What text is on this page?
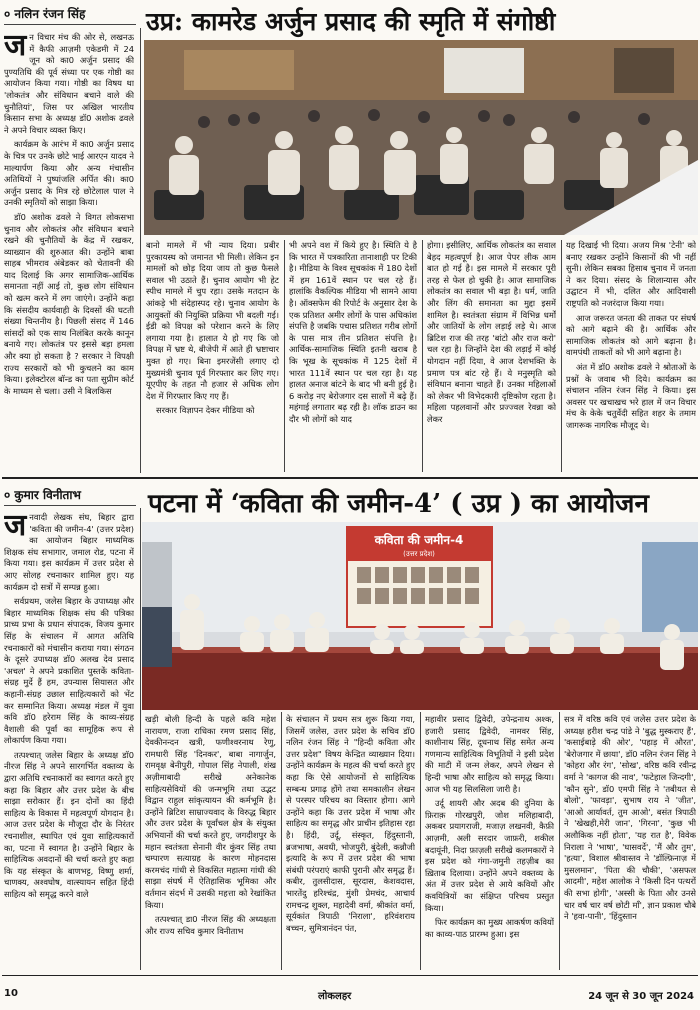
० नलिन रंजन सिंह	उप्र: कामरेड अर्जुन प्रसाद की स्मृति में संगोष्ठी
ज न विचार मंच की ओर से, लखनऊ में कैफी आज़मी एकेडमी में 24 जून को का0 अर्जुन प्रसाद की पुण्यतिथि की पूर्व संध्या पर एक गोष्ठी का आयोजन किया गया। गोष्ठी का विषय था 'लोकतंत्र और संविधान बचाने वाले की चुनौतियां', जिस पर अखिल भारतीय किसान सभा के अध्यक्ष डॉ0 अशोक ढवले ने अपने विचार व्यक्त किए।

कार्यक्रम के आरंभ में का0 अर्जुन प्रसाद के चित्र पर उनके छोटे भाई आरएन यादव ने माल्यार्पण किया और अन्य मंचासीन अतिथियों ने पुष्पांजलि अर्पित की। का0 अर्जुन प्रसाद के मित्र रहे छोटेलाल पाल ने उनकी स्मृतियों को साझा किया।

डॉ0 अशोक ढवले ने विगत लोकसभा चुनाव और लोकतंत्र और संविधान बचाने रखने की चुनौतियों के केंद्र में रखकर, व्याख्यान की शुरुआत की। उन्होंने बाबा साहब भीमराव अंबेडकर को चेतावनी की याद दिलाई कि अगर सामाजिक-आर्थिक समानता नहीं आई तो, कुछ लोग संविधान को खत्म करने में लग जाएंगे। उन्होंने कहा कि संसदीय कार्यवाही के दिवसों की घटती संख्या चिन्तनीय है। पिछली संसद में 146 सांसदों को एक साथ निलंबित करके कानून बनाये गए। लोकतंत्र पर इससे बड़ा हमला और क्या हो सकता है ? सरकार ने विपक्षी राज्य सरकारों को भी कुचलने का काम किया। इलेक्टोरल बॉन्ड का पता सुप्रीम कोर्ट के माध्यम से चला। उसी ने बिलकिस

बानो मामले में भी न्याय दिया। प्रबीर पुरकायस्थ को जमानत भी मिली। लेकिन इन मामलों को छोड़ दिया जाय तो कुछ फैसले सवाल भी उठाते हैं। चुनाव आयोग भी हेट स्पीच मामले में चुप रहा। उसके मतदान के आंकड़े भी संदेहास्पद रहे। चुनाव आयोग के आयुक्तों की नियुक्ति प्रक्रिया भी बदली गई। ईडी को विपक्ष को परेशान करने के लिए लगाया गया है। हालात ये हो गए कि जो विपक्ष में भ्रष्ट थे, बीजेपी में आते ही भ्रष्टाचार मुक्त हो गए। बिना इमरजेंसी लगाए दो मुख्यमंत्री चुनाव पूर्व गिरफ्तार कर लिए गए। यूएपीए के तहत नौ हजार से अधिक लोग देश में गिरफ्तार किए गए हैं।

सरकार विज्ञापन देकर मीडिया को

भी अपने वश में किये हुए है। स्थिति ये है कि भारत में पत्रकारिता तानाशाही पर टिकी है। मीडिया के विश्व सूचकांक में 180 देशों में हम 161वें स्थान पर चल रहे हैं। हालांकि वैकल्पिक मीडिया भी सामने आया है। ऑक्सफेम की रिपोर्ट के अनुसार देश के एक प्रतिशत अमीर लोगों के पास अधिकांश संपत्ति है जबकि पचास प्रतिशत गरीब लोगों के पास मात्र तीन प्रतिशत संपत्ति है। आर्थिक-सामाजिक स्थिति इतनी खराब है कि भूख के सूचकांक में 125 देशों में भारत 111वें स्थान पर चल रहा है। यह हालत अनाज बांटने के बाद भी बनी हुई है। 6 करोड़ नए बेरोजगार दस सालों में बढ़े हैं। महंगाई लगातार बढ़ रही है। लॉक डाउन का दौर भी लोगों को याद

होगा। इसीलिए, आर्थिक लोकतंत्र का सवाल बेहद महत्वपूर्ण है। आज पेपर लीक आम बात हो गई है। इस मामले में सरकार पूरी तरह से फेल हो चुकी है। आज सामाजिक लोकतंत्र का सवाल भी बड़ा है। धर्म, जाति और लिंग की समानता का मुद्दा इसमें शामिल है। स्वतंत्रता संग्राम में विभिन्न धर्मों और जातियों के लोग लड़ाई लड़े थे। आज ब्रिटिश राज की तरह 'बांटो और राज करो' चल रहा है। जिन्होंने देश की लड़ाई में कोई योगदान नहीं दिया, वे आज देशभक्ति के प्रमाण पत्र बांट रहे हैं। ये मनुस्मृति को संविधान बनाना चाहते हैं। उनका महिलाओं को लेकर भी विभेदकारी दृष्टिकोण रहता है। महिला पहलवानों और प्रज्ज्वल रेवन्ना को लेकर

यह दिखाई भी दिया। अजय मिश्र 'टेनी' को बनाए रखकर उन्होंने किसानों की भी नहीं सुनी। लेकिन सबका हिसाब चुनाव में जनता ने कर दिया। संसद के शिलान्यास और उद्घाटन में भी, दलित और आदिवासी राष्ट्रपति को नजरंदाज किया गया।

आज जरूरत जनता की ताकत पर संघर्ष को आगे बढ़ाने की है। आर्थिक और सामाजिक लोकतंत्र को आगे बढ़ाना है। वामपंथी ताकतों को भी आगे बढ़ाना है।

अंत में डॉ0 अशोक ढवले ने श्रोताओं के प्रश्नों के जवाब भी दिये। कार्यक्रम का संचालन नलिन रंजन सिंह ने किया। इस अवसर पर खचाखच भरे हाल में जन विचार मंच के केके चतुर्वेदी सहित शहर के तमाम जागरूक नागरिक मौजूद थे।

० कुमार विनीताभ	पटना में ‘कविता की जमीन-4’ ( उप्र ) का आयोजन
कविता की जमीन-4
(उत्तर प्रदेश)
ज नवादी लेखक संघ, बिहार द्वारा 'कविता की जमीन-4' (उत्तर प्रदेश) का आयोजन बिहार माध्यमिक शिक्षक संघ सभागार, जमाल रोड, पटना में किया गया। इस कार्यक्रम में उत्तर प्रदेश से आए सोलह रचनाकार शामिल हुए। यह कार्यक्रम दो सत्रों में सम्पन्न हुआ।

सर्वप्रथम, जलेस बिहार के उपाध्यक्ष और बिहार माध्यमिक शिक्षक संघ की पत्रिका प्राच्य प्रभा के प्रधान संपादक, विजय कुमार सिंह के संचालन में आगत अतिथि रचनाकारों को मंचासीन कराया गया। संगठन के दूसरे उपाध्यक्ष डॉ0 अलख देव प्रसाद 'अचल' ने अपने प्रकाशित पुस्तकें कविता-संग्रह मुर्दे हैं हम, उपन्यास सियासत और कहानी-संग्रह उछाल साहित्यकारों को भेंट कर सम्मानित किया। अध्यक्ष मंडल में युवा कवि डॉ0 हरेराम सिंह के काव्य-संग्रह वैशाली की पूर्वां का सामूहिक रूप से लोकार्पण किया गया।

तत्पश्चात् जलेस बिहार के अध्यक्ष डॉ0 नीरज सिंह ने अपने सारगर्भित वक्तव्य के द्वारा अतिथि रचनाकारों का स्वागत करते हुए कहा कि बिहार और उत्तर प्रदेश के बीच साझा सरोकार हैं। इन दोनों का हिंदी साहित्य के विकास में महत्वपूर्ण योगदान है। आज उत्तर प्रदेश के मौजूदा दौर के निरंतर रचनाशील, स्थापित एवं युवा साहित्यकारों का, पटना में स्वागत है। उन्होंने बिहार के साहित्यिक अवदानों की चर्चा करते हुए कहा कि यह संस्कृत के बाणभट्ट, विष्णु शर्मा, चाणक्य, अश्वघोष, वात्स्यायन सहित हिंदी साहित्य को समृद्ध करने वाले

खड़ी बोली हिन्दी के पहले कवि महेश नारायण, राजा राधिका रमण प्रसाद सिंह, देवकीनन्दन खत्री, फणीश्वरनाथ रेणु, रामधारी सिंह 'दिनकर', बाबा नागार्जुन, रामवृक्ष बेनीपुरी, गोपाल सिंह नेपाली, शंख अज़ीमाबादी सरीखे अनेकानेक साहित्यसेवियों की जन्मभूमि तथा उद्भट विद्वान राहुल सांकृत्यायन की कर्मभूमि है। उन्होंने ब्रिटिश साम्राज्यवाद के विरुद्ध बिहार और उत्तर प्रदेश के पूर्वांचल क्षेत्र के संयुक्त अभियानों की चर्चा करते हुए, जगदीशपुर के महान स्वतंत्रता सेनानी वीर कुंवर सिंह तथा चम्पारण सत्याग्रह के कारण मोहनदास करमचंद गांधी से विकसित महात्मा गांधी की साझा संघर्ष में ऐतिहासिक भूमिका और वर्तमान संदर्भ में उसकी महत्ता को रेखांकित किया।

तत्पश्चात् डा0 नीरज सिंह की अध्यक्षता और राज्य सचिव कुमार विनीताभ

के संचालन में प्रथम सत्र शुरू किया गया, जिसमें जलेस, उत्तर प्रदेश के सचिव डॉ0 नलिन रंजन सिंह ने "हिन्दी कविता और उत्तर प्रदेश" विषय केन्द्रित व्याख्यान दिया। उन्होंने कार्यक्रम के महत्व की चर्चा करते हुए कहा कि ऐसे आयोजनों से साहित्यिक सम्बन्ध प्रगाढ़ होंगे तथा समकालीन लेखन से परस्पर परिचय का विस्तार होगा। आगे उन्होंने कहा कि उत्तर प्रदेश में भाषा और साहित्य का समृद्ध और प्राचीन इतिहास रहा है। हिंदी, उर्दू, संस्कृत, हिंदुस्तानी, ब्रजभाषा, अवधी, भोजपुरी, बुंदेली, कन्नौजी इत्यादि के रूप में उत्तर प्रदेश की भाषा संबंधी परंपराएं काफी पुरानी और समृद्ध हैं। कबीर, तुलसीदास, सूरदास, केशवदास, भारतेंदु हरिश्चंद्र, मुंशी प्रेमचंद, आचार्य रामचन्द्र शुक्ल, महादेवी वर्मा, श्रीकांत वर्मा, सूर्यकांत त्रिपाठी 'निराला', हरिवंशराय बच्चन, सुमित्रानंदन पंत,

महावीर प्रसाद द्विवेदी, उपेन्द्रनाथ अश्क, हजारी प्रसाद द्विवेदी, नामवर सिंह, काशीनाथ सिंह, दूधनाथ सिंह समेत अन्य गणमान्य साहित्यिक विभूतियों ने इसी प्रदेश की माटी में जन्म लेकर, अपने लेखन से हिन्दी भाषा और साहित्य को समृद्ध किया। आज भी यह सिलसिला जारी है।

उर्दू शायरी और अदब की दुनिया के फ़िराक़ गोरखपुरी, जोश मलिहाबादी, अकबर प्रयागराजी, मजाज़ लखनवी, कैफ़ी आज़मी, अली सरदार जाफ़री, शकील बदायूंनी, निदा फ़ाज़ली सरीखे कलमकारों ने इस प्रदेश को गंगा-जमुनी तहज़ीब का ख़िताब दिलाया। उन्होंने अपने वक्तव्य के अंत में उत्तर प्रदेश से आये कवियों और कवयित्रियों का संक्षिप्त परिचय प्रस्तुत किया।

फिर कार्यक्रम का मुख्य आकर्षण कवियों का काव्य-पाठ प्रारम्भ हुआ। इस

सत्र में वरिष्ठ कवि एवं जलेस उत्तर प्रदेश के अध्यक्ष हरीश चन्द्र पांडे ने 'बुद्ध मुस्कराए हैं', 'कसाईबाड़े की ओर', 'पहाड़ में औरत', 'बेरोजगार में छाया', डॉ0 नलिन रंजन सिंह ने 'कोहरा और रंग', 'सोख', वरिष्ठ कवि रवीन्द्र वर्मा ने 'कागज की नाव', 'फटेहाल जिन्दगी', 'कौन सुने', डॉ0 एमपी सिंह ने 'तबीयत से बोलो', 'फावड़ा', सुभाष राय ने 'जीत', 'आओ आर्यावर्त, तुम आओ', बसंत त्रिपाठी ने 'खेखही,मेरी जान', 'गिरना', 'कुछ भी अलौकिक नहीं होता', 'यह रात है', विवेक निराला ने 'भाषा', 'घासवर्दे', 'मैं और तुम', 'हत्या', विशाल श्रीवास्तव ने 'डॉल्फ़िनाज़ में मुसलमान', 'पिता की चौकी', 'असफल आदमी', महेश आलोक ने 'किसी दिन पत्थरों की सभा होगी', 'अस्सी के पिता और उनसे चार वर्ष चार वर्ष छोटी माँ', ज्ञान प्रकाश चौबे ने 'हवा-पानी', 'हिंदुस्तान

10	लोकलहर	24 जून से 30 जून 2024
